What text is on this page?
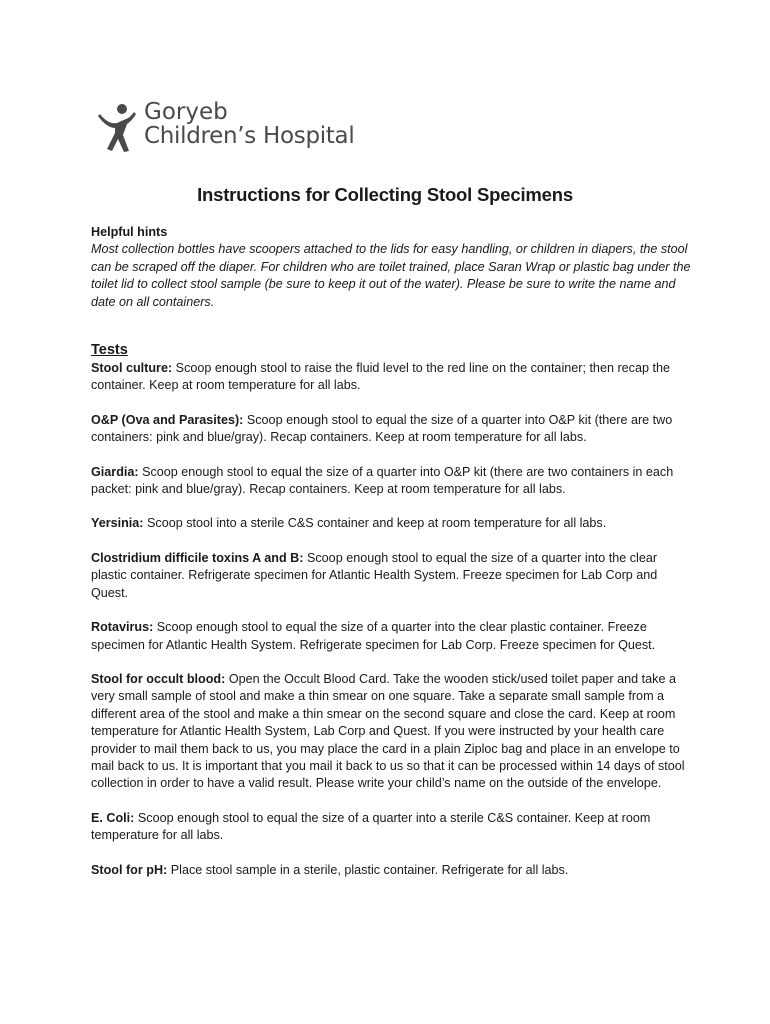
Goryeb
Children’s Hospital
Instructions for Collecting Stool Specimens

Helpful hints

Most collection bottles have scoopers attached to the lids for easy handling, or children in diapers, the stool can be scraped off the diaper. For children who are toilet trained, place Saran Wrap or plastic bag under the toilet lid to collect stool sample (be sure to keep it out of the water). Please be sure to write the name and date on all containers.

Tests

Stool culture: Scoop enough stool to raise the fluid level to the red line on the container; then recap the container. Keep at room temperature for all labs.

O&P (Ova and Parasites): Scoop enough stool to equal the size of a quarter into O&P kit (there are two containers: pink and blue/gray). Recap containers. Keep at room temperature for all labs.

Giardia: Scoop enough stool to equal the size of a quarter into O&P kit (there are two containers in each packet: pink and blue/gray). Recap containers. Keep at room temperature for all labs.

Yersinia: Scoop stool into a sterile C&S container and keep at room temperature for all labs.

Clostridium difficile toxins A and B: Scoop enough stool to equal the size of a quarter into the clear plastic container. Refrigerate specimen for Atlantic Health System. Freeze specimen for Lab Corp and Quest.

Rotavirus: Scoop enough stool to equal the size of a quarter into the clear plastic container. Freeze specimen for Atlantic Health System. Refrigerate specimen for Lab Corp. Freeze specimen for Quest.

Stool for occult blood: Open the Occult Blood Card. Take the wooden stick/used toilet paper and take a very small sample of stool and make a thin smear on one square. Take a separate small sample from a different area of the stool and make a thin smear on the second square and close the card. Keep at room temperature for Atlantic Health System, Lab Corp and Quest. If you were instructed by your health care provider to mail them back to us, you may place the card in a plain Ziploc bag and place in an envelope to mail back to us. It is important that you mail it back to us so that it can be processed within 14 days of stool collection in order to have a valid result. Please write your child’s name on the outside of the envelope.

E. Coli: Scoop enough stool to equal the size of a quarter into a sterile C&S container. Keep at room temperature for all labs.

Stool for pH: Place stool sample in a sterile, plastic container. Refrigerate for all labs.
